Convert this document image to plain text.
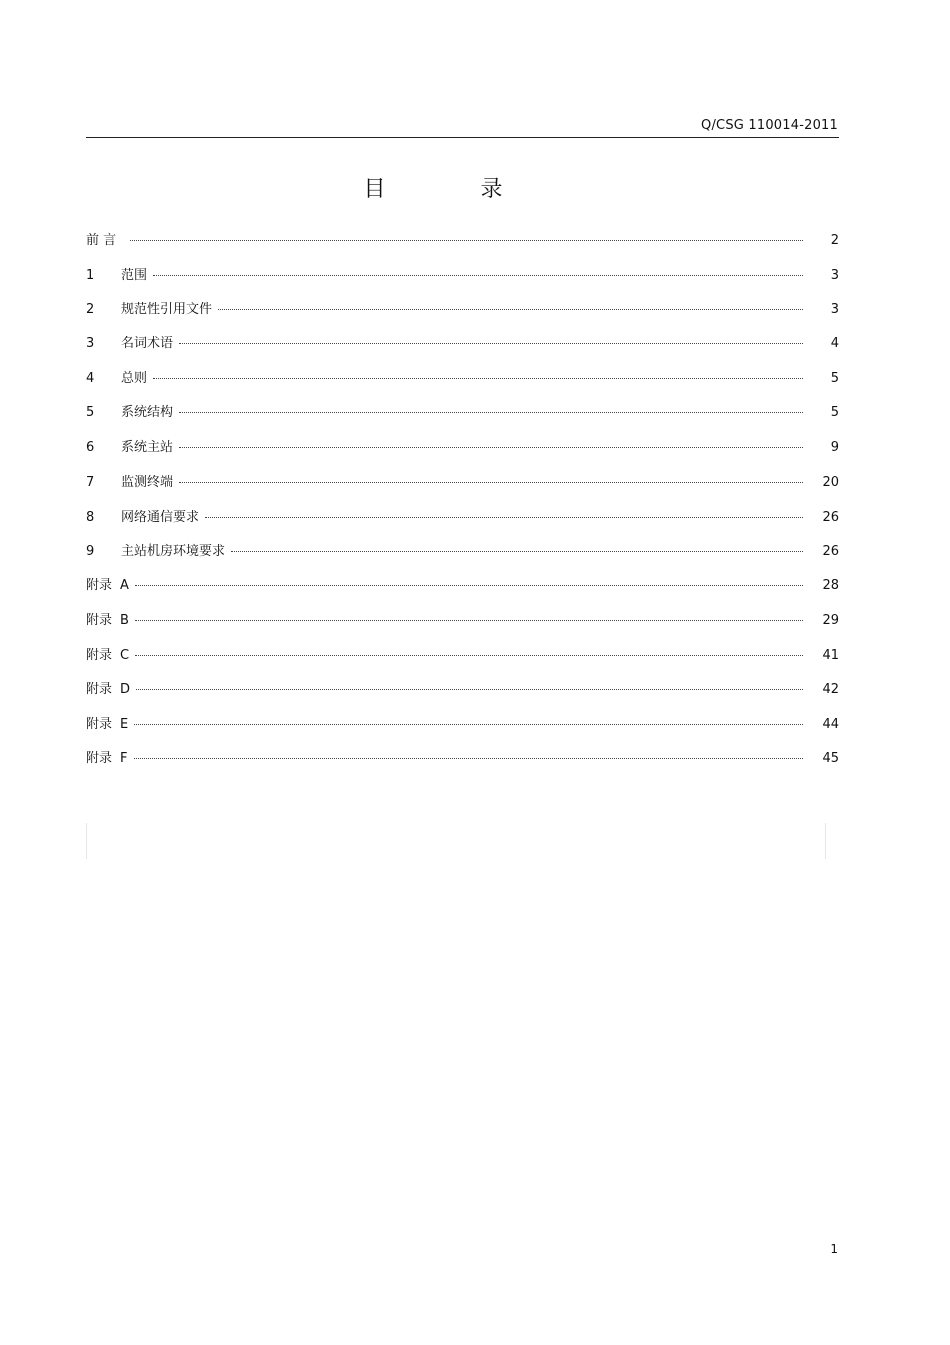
Q/CSG 110014-2011
目 录
前 言	2
1	范围	3
2	规范性引用文件	3
3	名词术语	4
4	总则	5
5	系统结构	5
6	系统主站	9
7	监测终端	20
8	网络通信要求	26
9	主站机房环境要求	26
附录 A	28
附录 B	29
附录 C	41
附录 D	42
附录 E	44
附录 F	45
1
